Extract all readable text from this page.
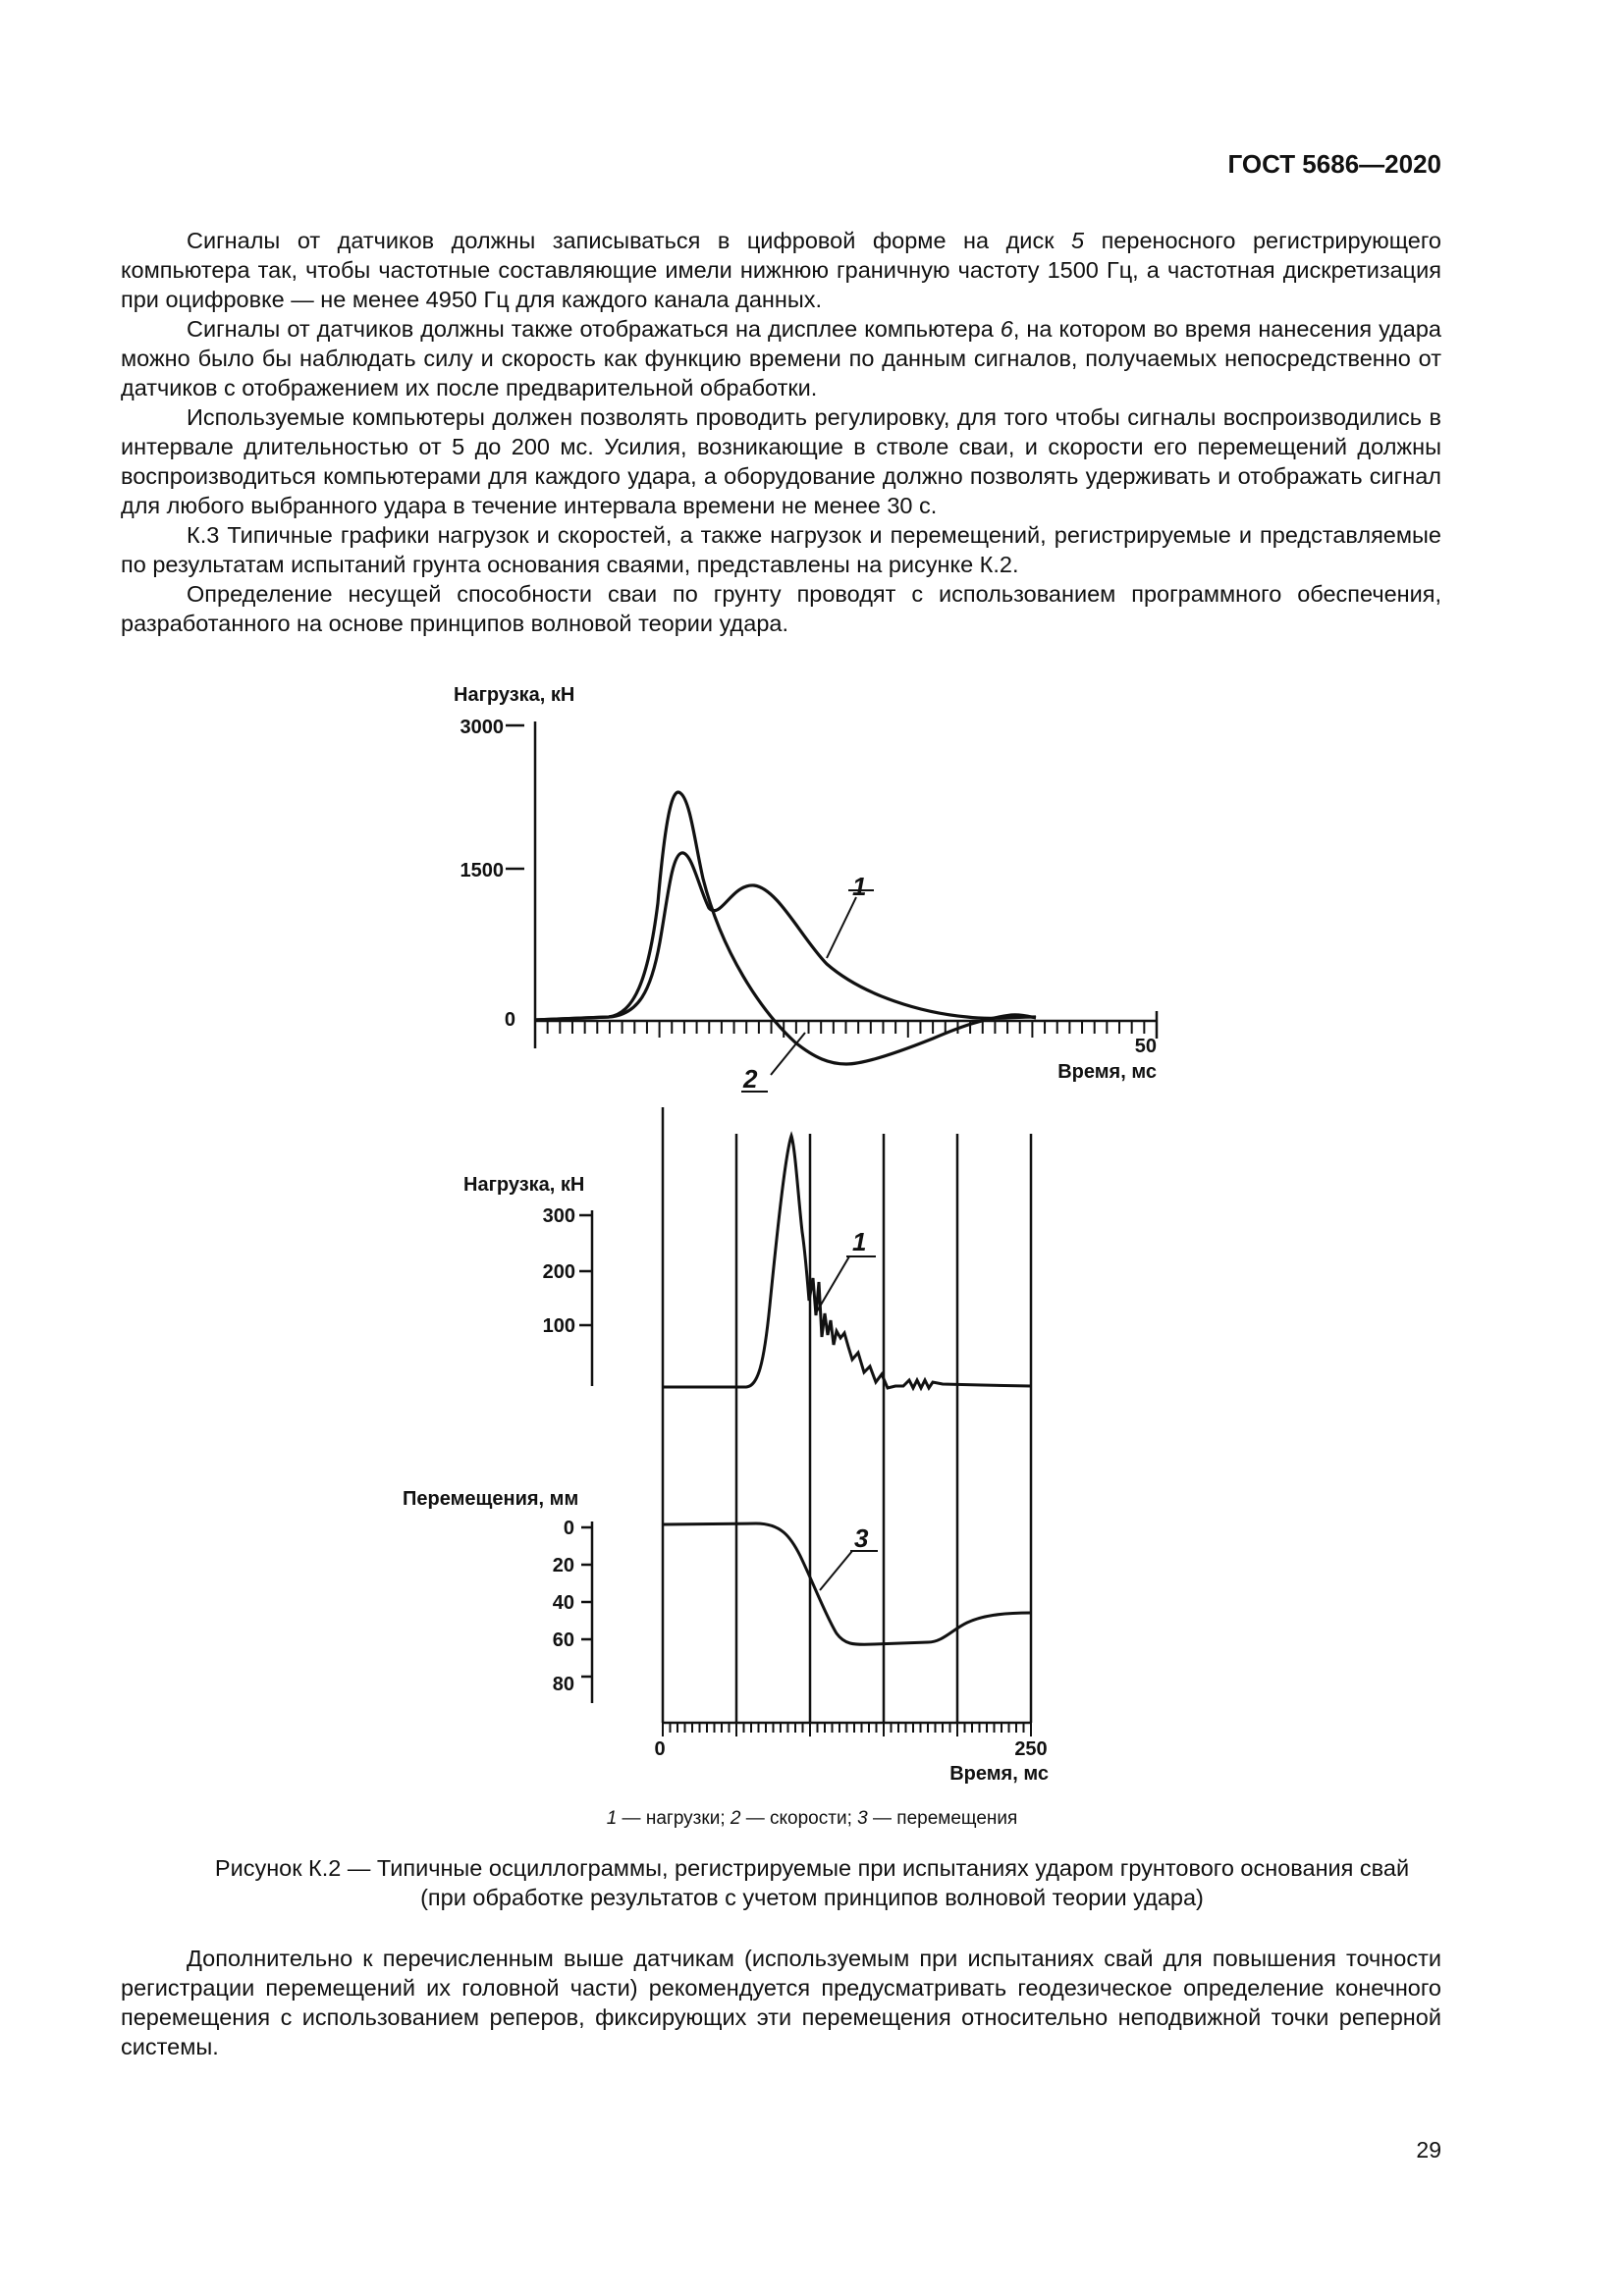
ГОСТ 5686—2020

Сигналы от датчиков должны записываться в цифровой форме на диск 5 переносного регистрирующего компьютера так, чтобы частотные составляющие имели нижнюю граничную частоту 1500 Гц, а частотная дискретизация при оцифровке — не менее 4950 Гц для каждого канала данных.

Сигналы от датчиков должны также отображаться на дисплее компьютера 6, на котором во время нанесения удара можно было бы наблюдать силу и скорость как функцию времени по данным сигналов, получаемых непосредственно от датчиков с отображением их после предварительной обработки.

Используемые компьютеры должен позволять проводить регулировку, для того чтобы сигналы воспроизводились в интервале длительностью от 5 до 200 мс. Усилия, возникающие в стволе сваи, и скорости его перемещений должны воспроизводиться компьютерами для каждого удара, а оборудование должно позволять удерживать и отображать сигнал для любого выбранного удара в течение интервала времени не менее 30 с.

К.3 Типичные графики нагрузок и скоростей, а также нагрузок и перемещений, регистрируемые и представляемые по результатам испытаний грунта основания сваями, представлены на рисунке К.2.

Определение несущей способности сваи по грунту проводят с использованием программного обеспечения, разработанного на основе принципов волновой теории удара.

Нагрузка, кН
3000
1500
0
50
Время, мс
1
2
0	250
Время, мс
Нагрузка, кН
300
200
100
Перемещения, мм
0
20
40
60
80
1
3
1 — нагрузки; 2 — скорости; 3 — перемещения
Рисунок К.2 — Типичные осциллограммы, регистрируемые при испытаниях ударом грунтового основания свай
(при обработке результатов с учетом принципов волновой теории удара)

Дополнительно к перечисленным выше датчикам (используемым при испытаниях свай для повышения точности регистрации перемещений их головной части) рекомендуется предусматривать геодезическое определение конечного перемещения с использованием реперов, фиксирующих эти перемещения относительно неподвижной точки реперной системы.

29
